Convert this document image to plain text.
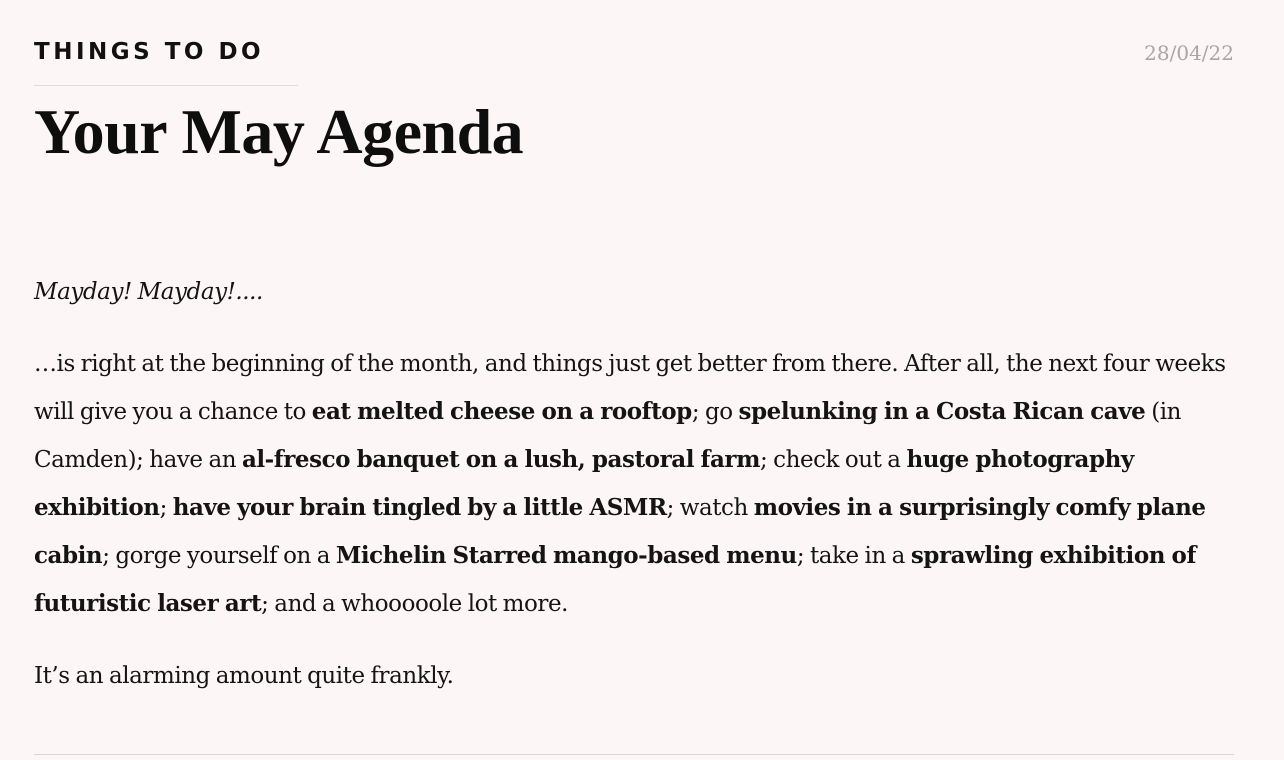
THINGS TO DO	28/04/22
Your May Agenda

Mayday! Mayday!....

…is right at the beginning of the month, and things just get better from there. After all, the next four weeks will give you a chance to eat melted cheese on a rooftop; go spelunking in a Costa Rican cave (in Camden); have an al-fresco banquet on a lush, pastoral farm; check out a huge photography exhibition; have your brain tingled by a little ASMR; watch movies in a surprisingly comfy plane cabin; gorge yourself on a Michelin Starred mango-based menu; take in a sprawling exhibition of futuristic laser art; and a whooooole lot more.

It’s an alarming amount quite frankly.
